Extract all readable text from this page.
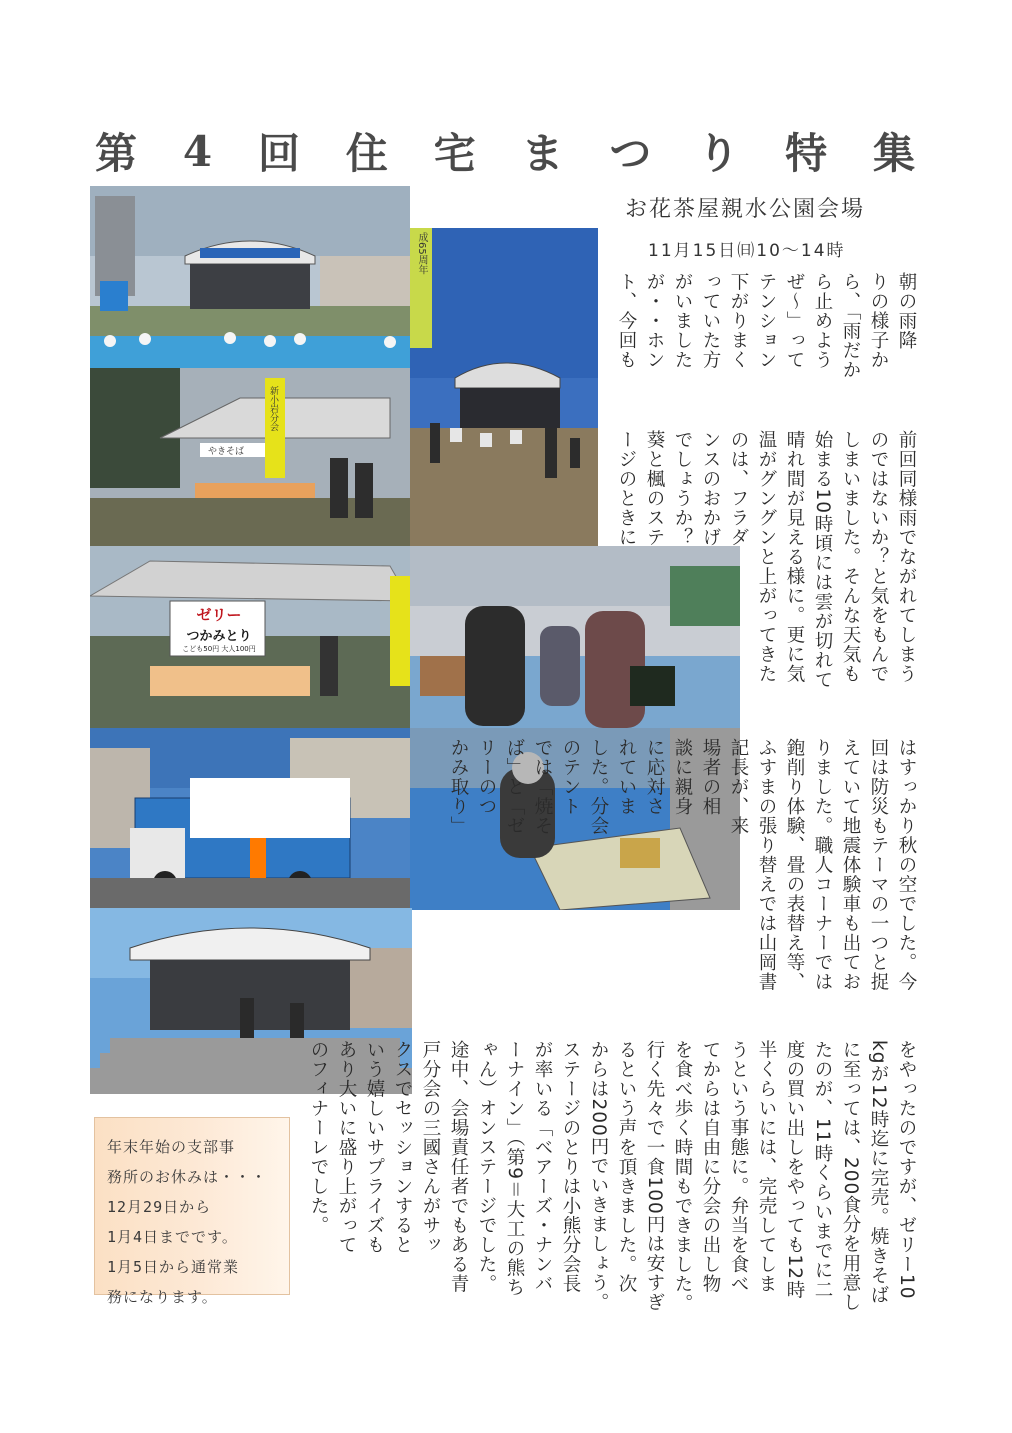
第 4 回 住 宅 ま つ り 特 集
お花茶屋親水公園会場
11月15日㈰10～14時
成65周年
新小岩分会
やきそば
ゼリー
つかみとり
こども50円 大人100円
朝の雨降
りの様子か
ら、「雨だか
ら止めよう
ぜ～」って
テンション
下がりまく
っていた方
がいました
が・・ホン
ト、今回も
前回同様雨でながれてしまう
のではないか？と気をもんで
しまいました。そんな天気も
始まる10時頃には雲が切れて
晴れ間が見える様に。更に気
温がグングンと上がってきた
のは、フラダ
ンスのおかげ
でしょうか？
葵と楓のステ
ージのときに
はすっかり秋の空でした。今
回は防災もテーマの一つと捉
えていて地震体験車も出てお
りました。職人コーナーでは
鉋削り体験、畳の表替え等、
ふすまの張り替えでは山岡書
記長が、来
場者の相
談に親身
に応対さ
れていま
した。分会
のテント
では「焼そ
ば」と「ゼ
リーのつ
かみ取り」
をやったのですが、ゼリー10
kgが12時迄に完売。焼きそば
に至っては、200食分を用意し
たのが、11時くらいまでに二
度の買い出しをやっても12時
半くらいには、完売してしま
うという事態に。弁当を食べ
てからは自由に分会の出し物
を食べ歩く時間もできました。
行く先々で一食100円は安すぎ
るという声を頂きました。次
からは200円でいきましょう。
ステージのとりは小熊分会長
が率いる「ベアーズ・ナンバ
ーナイン」（第9＝大工の熊ち
ゃん）オンステージでした。
途中、会場責任者でもある青
戸分会の三國さんがサッ
クスでセッションすると
いう嬉しいサプライズも
あり大いに盛り上がって
のフィナーレでした。
年末年始の支部事
務所のお休みは・・・
12月29日から
1月4日までです。
1月5日から通常業
務になります。
